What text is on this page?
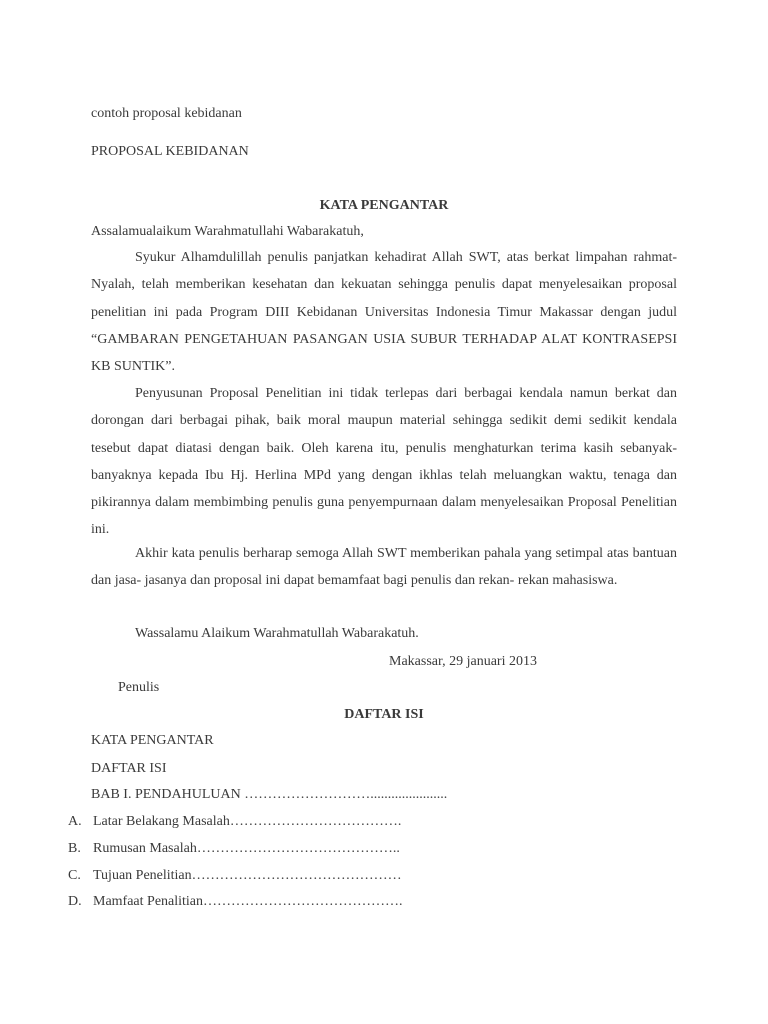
contoh proposal kebidanan
PROPOSAL KEBIDANAN
KATA PENGANTAR
Assalamualaikum Warahmatullahi Wabarakatuh,
Syukur Alhamdulillah penulis panjatkan kehadirat Allah SWT, atas berkat limpahan rahmat- Nyalah, telah memberikan kesehatan dan kekuatan sehingga penulis dapat menyelesaikan proposal penelitian ini pada Program DIII Kebidanan Universitas Indonesia Timur Makassar dengan judul “GAMBARAN PENGETAHUAN PASANGAN USIA SUBUR TERHADAP ALAT KONTRASEPSI KB SUNTIK”.
Penyusunan Proposal Penelitian ini tidak terlepas dari berbagai kendala namun berkat dan dorongan dari berbagai pihak, baik moral maupun material sehingga sedikit demi sedikit kendala tesebut dapat diatasi dengan baik. Oleh karena itu, penulis menghaturkan terima kasih sebanyak- banyaknya kepada Ibu Hj. Herlina MPd yang dengan ikhlas telah meluangkan waktu, tenaga dan pikirannya dalam membimbing penulis guna penyempurnaan dalam menyelesaikan Proposal Penelitian ini.
Akhir kata penulis berharap semoga Allah SWT memberikan pahala yang setimpal atas bantuan dan jasa- jasanya dan proposal ini dapat bemamfaat bagi penulis dan rekan- rekan mahasiswa.
Wassalamu Alaikum Warahmatullah Wabarakatuh.
Makassar, 29 januari 2013
Penulis
DAFTAR ISI
KATA PENGANTAR
DAFTAR ISI
BAB I. PENDAHULUAN ………………………......................
A. Latar Belakang Masalah……………………………….
B. Rumusan Masalah……………………………………..
C. Tujuan Penelitian………………………………………
D. Mamfaat Penalitian…………………………………….
